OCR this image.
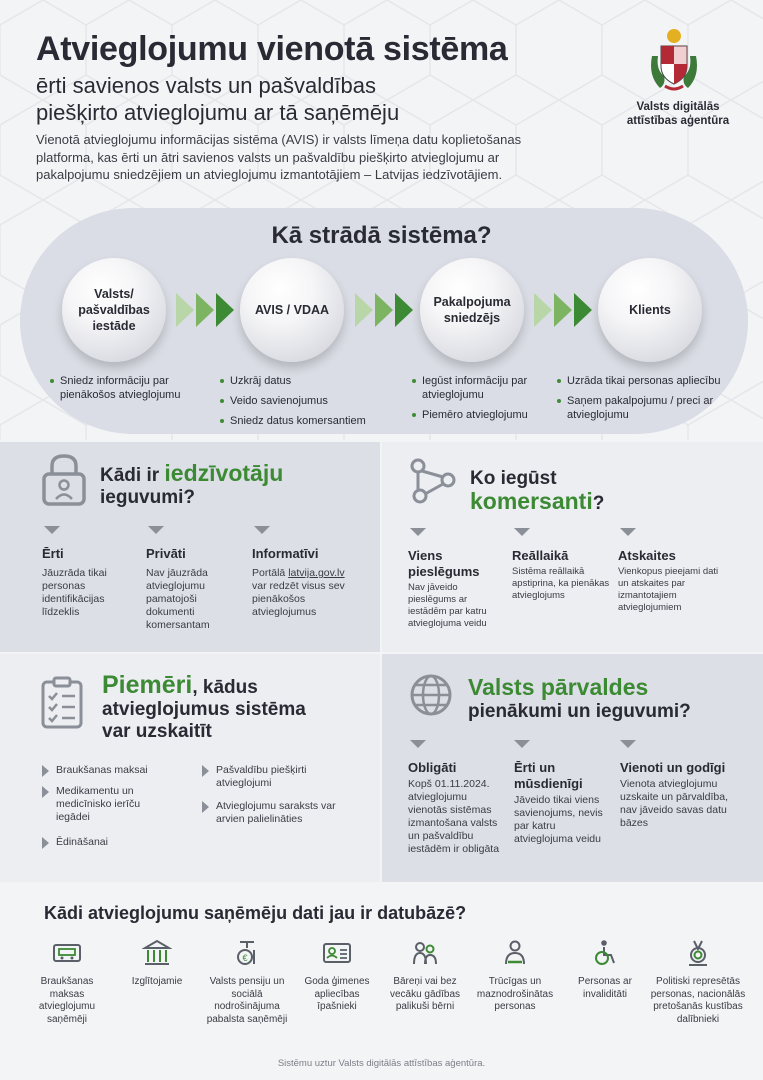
Atvieglojumu vienotā sistēma
ērti savienos valsts un pašvaldības
piešķirto atvieglojumu ar tā saņēmēju
Vienotā atvieglojumu informācijas sistēma (AVIS) ir valsts līmeņa datu koplietošanas platforma, kas ērti un ātri savienos valsts un pašvaldību piešķirto atvieglojumu ar pakalpojumu sniedzējiem un atvieglojumu izmantotājiem – Latvijas iedzīvotājiem.
Valsts digitālās
attīstības aģentūra
Kā strādā sistēma?
Valsts/
pašvaldības
iestāde
AVIS / VDAA
Pakalpojuma
sniedzējs
Klients
Sniedz informāciju par pienākošos atvieglojumu
Uzkrāj datus
Veido savienojumus
Sniedz datus komersantiem
Iegūst informāciju par atvieglojumu
Piemēro atvieglojumu
Uzrāda tikai personas apliecību
Saņem pakalpojumu / preci ar atvieglojumu
Kādi ir iedzīvotāju
ieguvumi?
Ērti
Jāuzrāda tikai personas identifikācijas līdzeklis
Privāti
Nav jāuzrāda atvieglojumu pamatojoši dokumenti komersantam
Informatīvi
Portālā latvija.gov.lv var redzēt visus sev pienākošos atvieglojumus
Ko iegūst
komersanti?
Viens pieslēgums
Nav jāveido pieslēgums ar iestādēm par katru atvieglojuma veidu
Reāllaikā
Sistēma reāllaikā apstiprina, ka pienākas atvieglojums
Atskaites
Vienkopus pieejami dati un atskaites par izmantotajiem atvieglojumiem
Piemēri, kādus
atvieglojumus sistēma
var uzskaitīt
Braukšanas maksai
Medikamentu un medicīnisko ierīču iegādei
Ēdināšanai
Pašvaldību piešķirti atvieglojumi
Atvieglojumu saraksts var arvien palielināties
Valsts pārvaldes
pienākumi un ieguvumi?
Obligāti
Kopš 01.11.2024. atvieglojumu vienotās sistēmas izmantošana valsts un pašvaldību iestādēm ir obligāta
Ērti un mūsdienīgi
Jāveido tikai viens savienojums, nevis par katru atvieglojuma veidu
Vienoti un godīgi
Vienota atvieglojumu uzskaite un pārvaldība, nav jāveido savas datu bāzes
Kādi atvieglojumu saņēmēju dati jau ir datubāzē?
Braukšanas maksas atvieglojumu saņēmēji
Izglītojamie
€
Valsts pensiju un sociālā nodrošinājuma pabalsta saņēmēji
Goda ģimenes apliecības īpašnieki
Bāreņi vai bez vecāku gādības palikuši bērni
Trūcīgas un maznodrošinātas personas
Personas ar invaliditāti
Politiski represētās personas, nacionālās pretošanās kustības dalībnieki
Sistēmu uztur Valsts digitālās attīstības aģentūra.
